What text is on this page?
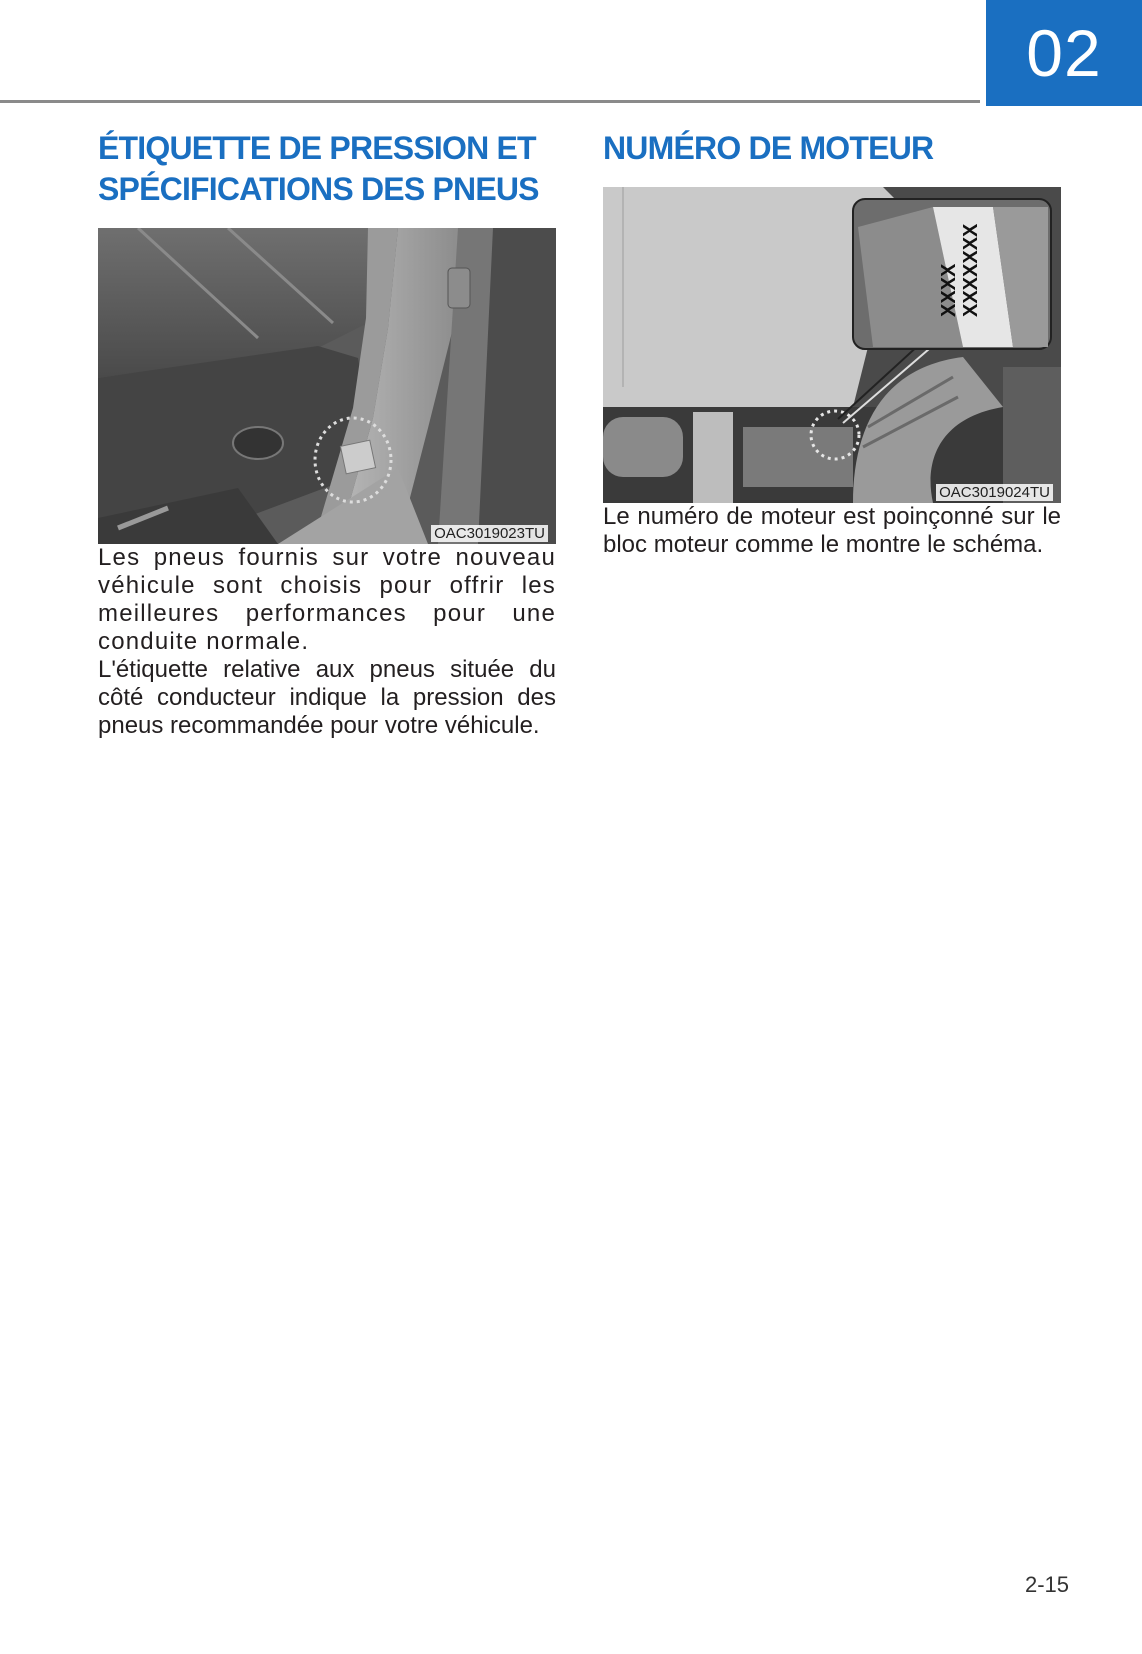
02
ÉTIQUETTE DE PRESSION ET
SPÉCIFICATIONS DES PNEUS
OAC3019023TU

Les pneus fournis sur votre nouveau véhicule sont choisis pour offrir les meilleures performances pour une conduite normale.

L'étiquette relative aux pneus située du côté conducteur indique la pression des pneus recommandée pour votre véhicule.

NUMÉRO DE MOTEUR
XXXX XXXXXXX
OAC3019024TU

Le numéro de moteur est poinçonné sur le bloc moteur comme le montre le schéma.

2-15
